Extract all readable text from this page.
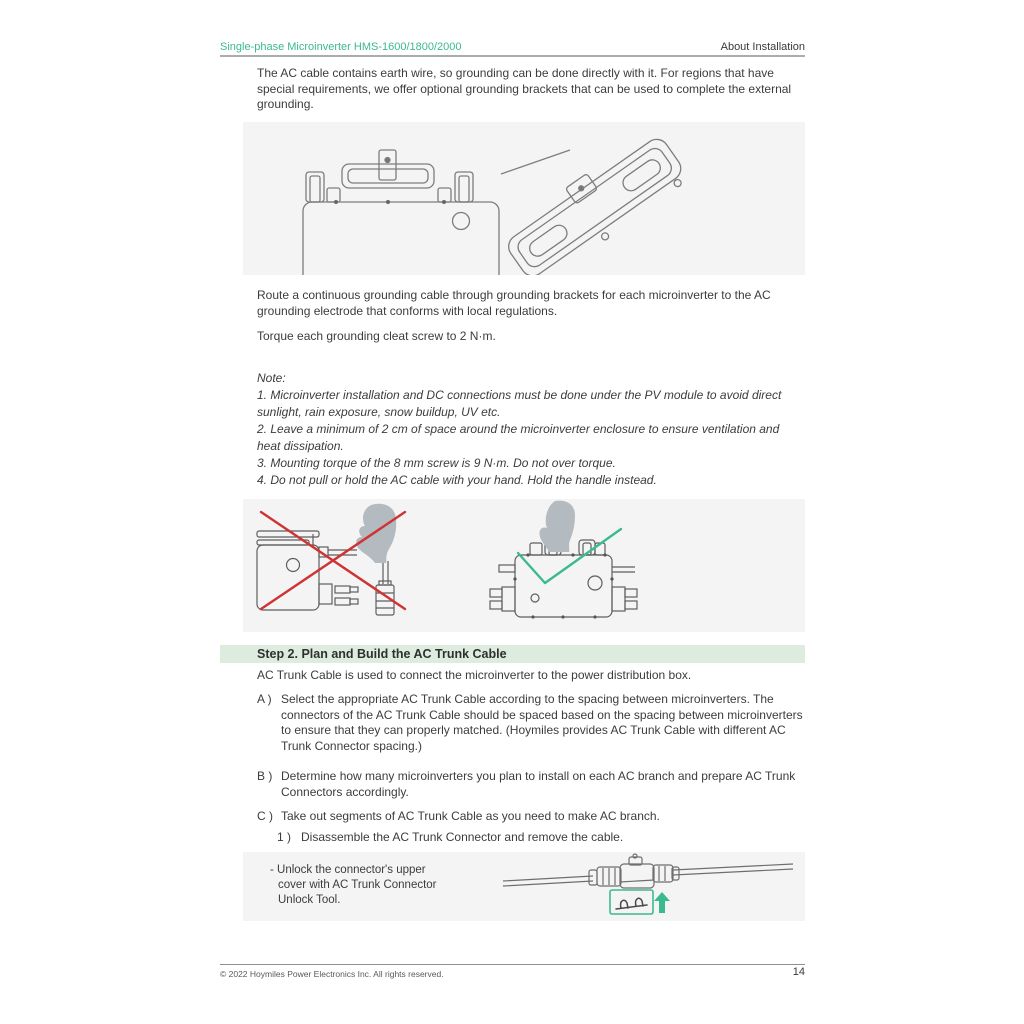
Single-phase Microinverter HMS-1600/1800/2000	About Installation
The AC cable contains earth wire, so grounding can be done directly with it. For regions that have special requirements, we offer optional grounding brackets that can be used to complete the external grounding.
Route a continuous grounding cable through grounding brackets for each microinverter to the AC grounding electrode that conforms with local regulations.
Torque each grounding cleat screw to 2 N·m.
Note:
1. Microinverter installation and DC connections must be done under the PV module to avoid direct sunlight, rain exposure, snow buildup, UV etc.
2. Leave a minimum of 2 cm of space around the microinverter enclosure to ensure ventilation and heat dissipation.
3. Mounting torque of the 8 mm screw is 9 N·m. Do not over torque.
4. Do not pull or hold the AC cable with your hand. Hold the handle instead.
Step 2. Plan and Build the AC Trunk Cable
AC Trunk Cable is used to connect the microinverter to the power distribution box.
A ) Select the appropriate AC Trunk Cable according to the spacing between microinverters. The connectors of the AC Trunk Cable should be spaced based on the spacing between microinverters to ensure that they can properly matched. (Hoymiles provides AC Trunk Cable with different AC Trunk Connector spacing.)
B ) Determine how many microinverters you plan to install on each AC branch and prepare AC Trunk Connectors accordingly.
C ) Take out segments of AC Trunk Cable as you need to make AC branch.
1 ) Disassemble the AC Trunk Connector and remove the cable.
- Unlock the connector's upper cover with AC Trunk Connector Unlock Tool.
© 2022 Hoymiles Power Electronics Inc. All rights reserved.	14
